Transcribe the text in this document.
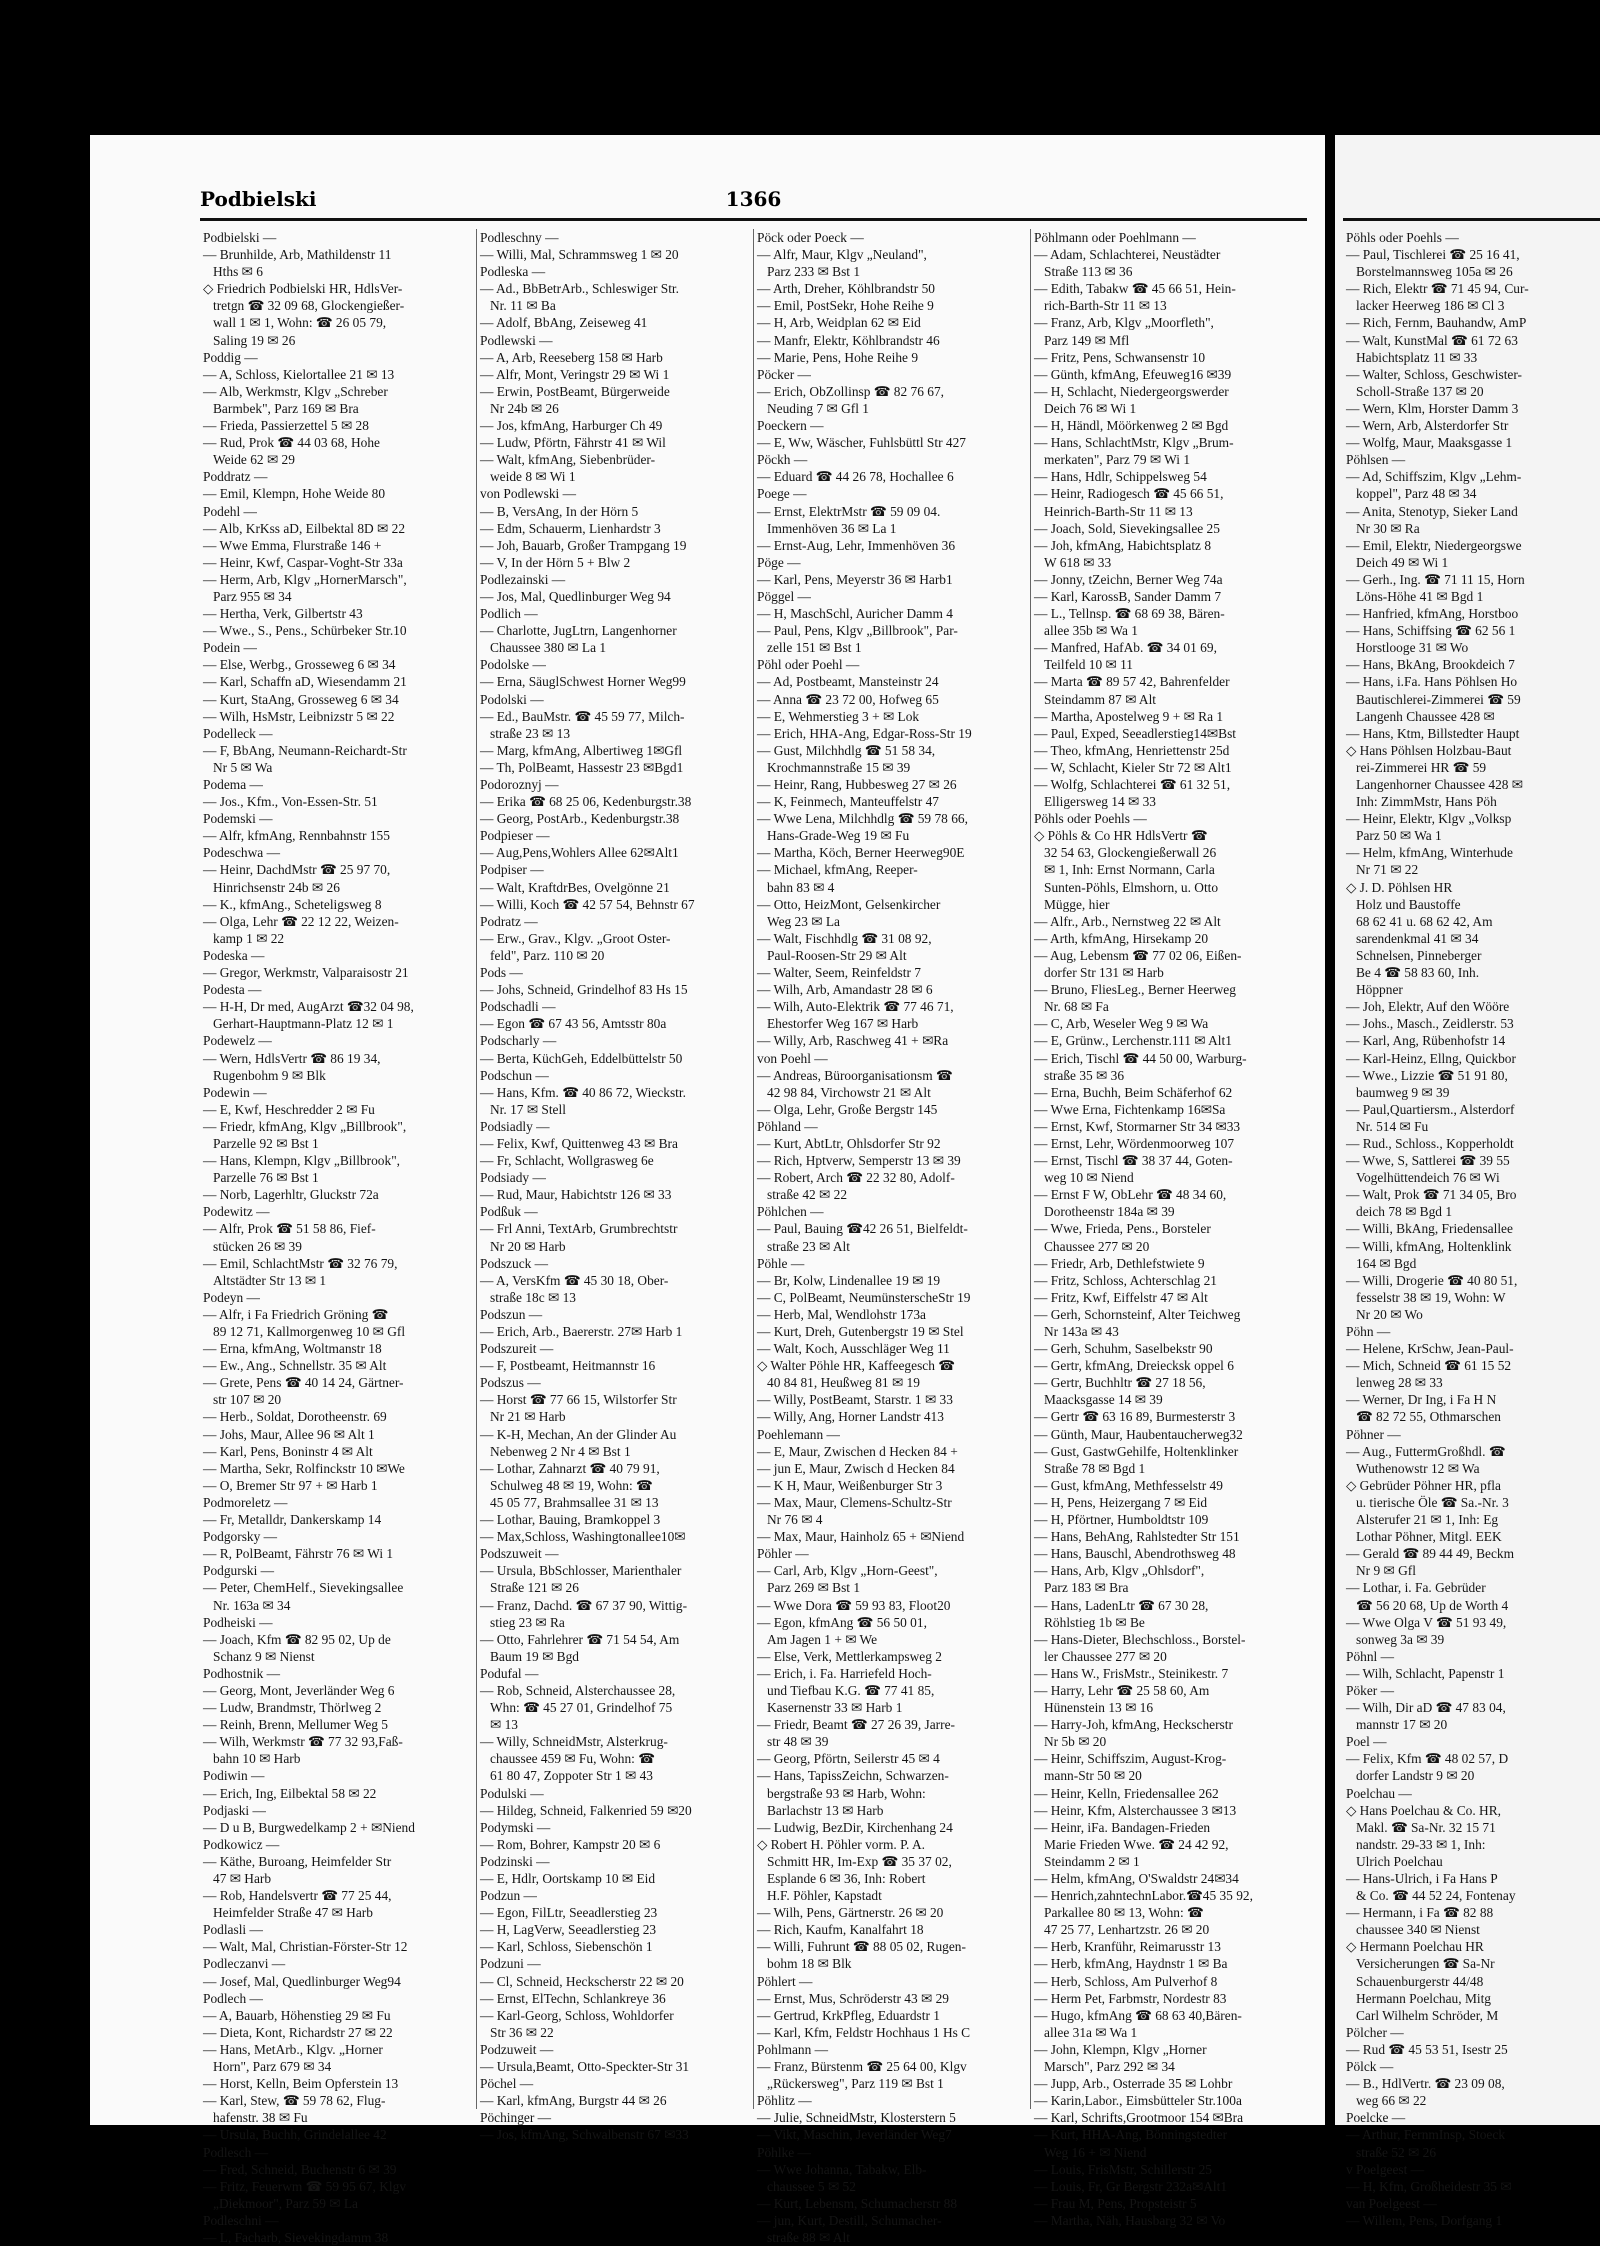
Podbielski	1366
Podbielski —
— Brunhilde, Arb, Mathildenstr 11
Hths ✉ 6
◇ Friedrich Podbielski HR, HdlsVer-
tretgn ☎ 32 09 68, Glockengießer-
wall 1 ✉ 1, Wohn: ☎ 26 05 79,
Saling 19 ✉ 26
Poddig —
— A, Schloss, Kielortallee 21 ✉ 13
— Alb, Werkmstr, Klgv „Schreber
Barmbek", Parz 169 ✉ Bra
— Frieda, Passierzettel 5 ✉ 28
— Rud, Prok ☎ 44 03 68, Hohe
Weide 62 ✉ 29
Poddratz —
— Emil, Klempn, Hohe Weide 80
Podehl —
— Alb, KrKss aD, Eilbektal 8D ✉ 22
— Wwe Emma, Flurstraße 146 +
— Heinr, Kwf, Caspar-Voght-Str 33a
— Herm, Arb, Klgv „HornerMarsch",
Parz 955 ✉ 34
— Hertha, Verk, Gilbertstr 43
— Wwe., S., Pens., Schürbeker Str.10
Podein —
— Else, Werbg., Grosseweg 6 ✉ 34
— Karl, Schaffn aD, Wiesendamm 21
— Kurt, StaAng, Grosseweg 6 ✉ 34
— Wilh, HsMstr, Leibnizstr 5 ✉ 22
Podelleck —
— F, BbAng, Neumann-Reichardt-Str
Nr 5 ✉ Wa
Podema —
— Jos., Kfm., Von-Essen-Str. 51
Podemski —
— Alfr, kfmAng, Rennbahnstr 155
Podeschwa —
— Heinr, DachdMstr ☎ 25 97 70,
Hinrichsenstr 24b ✉ 26
— K., kfmAng., Scheteligsweg 8
— Olga, Lehr ☎ 22 12 22, Weizen-
kamp 1 ✉ 22
Podeska —
— Gregor, Werkmstr, Valparaisostr 21
Podesta —
— H-H, Dr med, AugArzt ☎32 04 98,
Gerhart-Hauptmann-Platz 12 ✉ 1
Podewelz —
— Wern, HdlsVertr ☎ 86 19 34,
Rugenbohm 9 ✉ Blk
Podewin —
— E, Kwf, Heschredder 2 ✉ Fu
— Friedr, kfmAng, Klgv „Billbrook",
Parzelle 92 ✉ Bst 1
— Hans, Klempn, Klgv „Billbrook",
Parzelle 76 ✉ Bst 1
— Norb, Lagerhltr, Gluckstr 72a
Podewitz —
— Alfr, Prok ☎ 51 58 86, Fief-
stücken 26 ✉ 39
— Emil, SchlachtMstr ☎ 32 76 79,
Altstädter Str 13 ✉ 1
Podeyn —
— Alfr, i Fa Friedrich Gröning ☎
89 12 71, Kallmorgenweg 10 ✉ Gfl
— Erna, kfmAng, Woltmanstr 18
— Ew., Ang., Schnellstr. 35 ✉ Alt
— Grete, Pens ☎ 40 14 24, Gärtner-
str 107 ✉ 20
— Herb., Soldat, Dorotheenstr. 69
— Johs, Maur, Allee 96 ✉ Alt 1
— Karl, Pens, Boninstr 4 ✉ Alt
— Martha, Sekr, Rolfinckstr 10 ✉We
— O, Bremer Str 97 + ✉ Harb 1
Podmoreletz —
— Fr, Metalldr, Dankerskamp 14
Podgorsky —
— R, PolBeamt, Fährstr 76 ✉ Wi 1
Podgurski —
— Peter, ChemHelf., Sievekingsallee
Nr. 163a ✉ 34
Podheiski —
— Joach, Kfm ☎ 82 95 02, Up de
Schanz 9 ✉ Nienst
Podhostnik —
— Georg, Mont, Jeverländer Weg 6
— Ludw, Brandmstr, Thörlweg 2
— Reinh, Brenn, Mellumer Weg 5
— Wilh, Werkmstr ☎ 77 32 93,Faß-
bahn 10 ✉ Harb
Podiwin —
— Erich, Ing, Eilbektal 58 ✉ 22
Podjaski —
— D u B, Burgwedelkamp 2 + ✉Niend
Podkowicz —
— Käthe, Buroang, Heimfelder Str
47 ✉ Harb
— Rob, Handelsvertr ☎ 77 25 44,
Heimfelder Straße 47 ✉ Harb
Podlasli —
— Walt, Mal, Christian-Förster-Str 12
Podleczanvi —
— Josef, Mal, Quedlinburger Weg94
Podlech —
— A, Bauarb, Höhenstieg 29 ✉ Fu
— Dieta, Kont, Richardstr 27 ✉ 22
— Hans, MetArb., Klgv. „Horner
Horn", Parz 679 ✉ 34
— Horst, Kelln, Beim Opferstein 13
— Karl, Stew, ☎ 59 78 62, Flug-
hafenstr. 38 ✉ Fu
— Ursula, Buchh, Grindelallee 42
Podlesch —
— Fred, Schneid, Buchenstr 6 ✉ 39
— Fritz, Feuerwm ☎ 59 95 67, Klgv
„Diekmoor", Parz 59 ✉ La
Podleschni —
— L, Facharb, Sievekingdamm 38
Podleschny —
— Willi, Mal, Schrammsweg 1 ✉ 20
Podleska —
— Ad., BbBetrArb., Schleswiger Str.
Nr. 11 ✉ Ba
— Adolf, BbAng, Zeiseweg 41
Podlewski —
— A, Arb, Reeseberg 158 ✉ Harb
— Alfr, Mont, Veringstr 29 ✉ Wi 1
— Erwin, PostBeamt, Bürgerweide
Nr 24b ✉ 26
— Jos, kfmAng, Harburger Ch 49
— Ludw, Pförtn, Fährstr 41 ✉ Wil
— Walt, kfmAng, Siebenbrüder-
weide 8 ✉ Wi 1
von Podlewski —
— B, VersAng, In der Hörn 5
— Edm, Schauerm, Lienhardstr 3
— Joh, Bauarb, Großer Trampgang 19
— V, In der Hörn 5 + Blw 2
Podlezainski —
— Jos, Mal, Quedlinburger Weg 94
Podlich —
— Charlotte, JugLtrn, Langenhorner
Chaussee 380 ✉ La 1
Podolske —
— Erna, SäuglSchwest Horner Weg99
Podolski —
— Ed., BauMstr. ☎ 45 59 77, Milch-
straße 23 ✉ 13
— Marg, kfmAng, Albertiweg 1✉Gfl
— Th, PolBeamt, Hassestr 23 ✉Bgd1
Podoroznyj —
— Erika ☎ 68 25 06, Kedenburgstr.38
— Georg, PostArb., Kedenburgstr.38
Podpieser —
— Aug,Pens,Wohlers Allee 62✉Alt1
Podpiser —
— Walt, KraftdrBes, Ovelgönne 21
— Willi, Koch ☎ 42 57 54, Behnstr 67
Podratz —
— Erw., Grav., Klgv. „Groot Oster-
feld", Parz. 110 ✉ 20
Pods —
— Johs, Schneid, Grindelhof 83 Hs 15
Podschadli —
— Egon ☎ 67 43 56, Amtsstr 80a
Podscharly —
— Berta, KüchGeh, Eddelbüttelstr 50
Podschun —
— Hans, Kfm. ☎ 40 86 72, Wieckstr.
Nr. 17 ✉ Stell
Podsiadly —
— Felix, Kwf, Quittenweg 43 ✉ Bra
— Fr, Schlacht, Wollgrasweg 6e
Podsiady —
— Rud, Maur, Habichtstr 126 ✉ 33
Podßuk —
— Frl Anni, TextArb, Grumbrechtstr
Nr 20 ✉ Harb
Podszuck —
— A, VersKfm ☎ 45 30 18, Ober-
straße 18c ✉ 13
Podszun —
— Erich, Arb., Baererstr. 27✉ Harb 1
Podszureit —
— F, Postbeamt, Heitmannstr 16
Podszus —
— Horst ☎ 77 66 15, Wilstorfer Str
Nr 21 ✉ Harb
— K-H, Mechan, An der Glinder Au
Nebenweg 2 Nr 4 ✉ Bst 1
— Lothar, Zahnarzt ☎ 40 79 91,
Schulweg 48 ✉ 19, Wohn: ☎
45 05 77, Brahmsallee 31 ✉ 13
— Lothar, Bauing, Bramkoppel 3
— Max,Schloss, Washingtonallee10✉
Podszuweit —
— Ursula, BbSchlosser, Marienthaler
Straße 121 ✉ 26
— Franz, Dachd. ☎ 67 37 90, Wittig-
stieg 23 ✉ Ra
— Otto, Fahrlehrer ☎ 71 54 54, Am
Baum 19 ✉ Bgd
Podufal —
— Rob, Schneid, Alsterchaussee 28,
Whn: ☎ 45 27 01, Grindelhof 75
✉ 13
— Willy, SchneidMstr, Alsterkrug-
chaussee 459 ✉ Fu, Wohn: ☎
61 80 47, Zoppoter Str 1 ✉ 43
Podulski —
— Hildeg, Schneid, Falkenried 59 ✉20
Podymski —
— Rom, Bohrer, Kampstr 20 ✉ 6
Podzinski —
— E, Hdlr, Oortskamp 10 ✉ Eid
Podzun —
— Egon, FilLtr, Seeadlerstieg 23
— H, LagVerw, Seeadlerstieg 23
— Karl, Schloss, Siebenschön 1
Podzuni —
— Cl, Schneid, Heckscherstr 22 ✉ 20
— Ernst, ElTechn, Schlankreye 36
— Karl-Georg, Schloss, Wohldorfer
Str 36 ✉ 22
Podzuweit —
— Ursula,Beamt, Otto-Speckter-Str 31
Pöchel —
— Karl, kfmAng, Burgstr 44 ✉ 26
Pöchinger —
— Jos, kfmAng, Schwalbenstr 67 ✉33
Pöck oder Poeck —
— Alfr, Maur, Klgv „Neuland",
Parz 233 ✉ Bst 1
— Arth, Dreher, Köhlbrandstr 50
— Emil, PostSekr, Hohe Reihe 9
— H, Arb, Weidplan 62 ✉ Eid
— Manfr, Elektr, Köhlbrandstr 46
— Marie, Pens, Hohe Reihe 9
Pöcker —
— Erich, ObZollinsp ☎ 82 76 67,
Neuding 7 ✉ Gfl 1
Poeckern —
— E, Ww, Wäscher, Fuhlsbüttl Str 427
Pöckh —
— Eduard ☎ 44 26 78, Hochallee 6
Poege —
— Ernst, ElektrMstr ☎ 59 09 04.
Immenhöven 36 ✉ La 1
— Ernst-Aug, Lehr, Immenhöven 36
Pöge —
— Karl, Pens, Meyerstr 36 ✉ Harb1
Pöggel —
— H, MaschSchl, Auricher Damm 4
— Paul, Pens, Klgv „Billbrook", Par-
zelle 151 ✉ Bst 1
Pöhl oder Poehl —
— Ad, Postbeamt, Mansteinstr 24
— Anna ☎ 23 72 00, Hofweg 65
— E, Wehmerstieg 3 + ✉ Lok
— Erich, HHA-Ang, Edgar-Ross-Str 19
— Gust, Milchhdlg ☎ 51 58 34,
Krochmannstraße 15 ✉ 39
— Heinr, Rang, Hubbesweg 27 ✉ 26
— K, Feinmech, Manteuffelstr 47
— Wwe Lena, Milchhdlg ☎ 59 78 66,
Hans-Grade-Weg 19 ✉ Fu
— Martha, Köch, Berner Heerweg90E
— Michael, kfmAng, Reeper-
bahn 83 ✉ 4
— Otto, HeizMont, Gelsenkircher
Weg 23 ✉ La
— Walt, Fischhdlg ☎ 31 08 92,
Paul-Roosen-Str 29 ✉ Alt
— Walter, Seem, Reinfeldstr 7
— Wilh, Arb, Amandastr 28 ✉ 6
— Wilh, Auto-Elektrik ☎ 77 46 71,
Ehestorfer Weg 167 ✉ Harb
— Willy, Arb, Raschweg 41 + ✉Ra
von Poehl —
— Andreas, Büroorganisationsm ☎
42 98 84, Virchowstr 21 ✉ Alt
— Olga, Lehr, Große Bergstr 145
Pöhland —
— Kurt, AbtLtr, Ohlsdorfer Str 92
— Rich, Hptverw, Semperstr 13 ✉ 39
— Robert, Arch ☎ 22 32 80, Adolf-
straße 42 ✉ 22
Pöhlchen —
— Paul, Bauing ☎42 26 51, Bielfeldt-
straße 23 ✉ Alt
Pöhle —
— Br, Kolw, Lindenallee 19 ✉ 19
— C, PolBeamt, NeumünsterscheStr 19
— Herb, Mal, Wendlohstr 173a
— Kurt, Dreh, Gutenbergstr 19 ✉ Stel
— Walt, Koch, Ausschläger Weg 11
◇ Walter Pöhle HR, Kaffeegesch ☎
40 84 81, Heußweg 81 ✉ 19
— Willy, PostBeamt, Starstr. 1 ✉ 33
— Willy, Ang, Horner Landstr 413
Poehlemann —
— E, Maur, Zwischen d Hecken 84 +
— jun E, Maur, Zwisch d Hecken 84
— K H, Maur, Weißenburger Str 3
— Max, Maur, Clemens-Schultz-Str
Nr 76 ✉ 4
— Max, Maur, Hainholz 65 + ✉Niend
Pöhler —
— Carl, Arb, Klgv „Horn-Geest",
Parz 269 ✉ Bst 1
— Wwe Dora ☎ 59 93 83, Floot20
— Egon, kfmAng ☎ 56 50 01,
Am Jagen 1 + ✉ We
— Else, Verk, Mettlerkampsweg 2
— Erich, i. Fa. Harriefeld Hoch-
und Tiefbau K.G. ☎ 77 41 85,
Kasernenstr 33 ✉ Harb 1
— Friedr, Beamt ☎ 27 26 39, Jarre-
str 48 ✉ 39
— Georg, Pförtn, Seilerstr 45 ✉ 4
— Hans, TapissZeichn, Schwarzen-
bergstraße 93 ✉ Harb, Wohn:
Barlachstr 13 ✉ Harb
— Ludwig, BezDir, Kirchenhang 24
◇ Robert H. Pöhler vorm. P. A.
Schmitt HR, Im-Exp ☎ 35 37 02,
Esplande 6 ✉ 36, Inh: Robert
H.F. Pöhler, Kapstadt
— Wilh, Pens, Gärtnerstr. 26 ✉ 20
— Rich, Kaufm, Kanalfahrt 18
— Willi, Fuhrunt ☎ 88 05 02, Rugen-
bohm 18 ✉ Blk
Pöhlert —
— Ernst, Mus, Schröderstr 43 ✉ 29
— Gertrud, KrkPfleg, Eduardstr 1
— Karl, Kfm, Feldstr Hochhaus 1 Hs C
Pohlmann —
— Franz, Bürstenm ☎ 25 64 00, Klgv
„Rückersweg", Parz 119 ✉ Bst 1
Pöhlitz —
— Julie, SchneidMstr, Klosterstern 5
— Vikt, Maschin, Jeverländer Weg7
Pöhlke —
— Wwe Johanna, Tabakw, Elb-
chaussee 5 ✉ 52
— Kurt, Lebensm, Schumacherstr 88
— jun, Kurt, Destill, Schumacher-
straße 88 ✉ Alt
Pöhlmann oder Poehlmann —
— Adam, Schlachterei, Neustädter
Straße 113 ✉ 36
— Edith, Tabakw ☎ 45 66 51, Hein-
rich-Barth-Str 11 ✉ 13
— Franz, Arb, Klgv „Moorfleth",
Parz 149 ✉ Mfl
— Fritz, Pens, Schwansenstr 10
— Günth, kfmAng, Efeuweg16 ✉39
— H, Schlacht, Niedergeorgswerder
Deich 76 ✉ Wi 1
— H, Händl, Möörkenweg 2 ✉ Bgd
— Hans, SchlachtMstr, Klgv „Brum-
merkaten", Parz 79 ✉ Wi 1
— Hans, Hdlr, Schippelsweg 54
— Heinr, Radiogesch ☎ 45 66 51,
Heinrich-Barth-Str 11 ✉ 13
— Joach, Sold, Sievekingsallee 25
— Joh, kfmAng, Habichtsplatz 8
W 618 ✉ 33
— Jonny, tZeichn, Berner Weg 74a
— Karl, KarossB, Sander Damm 7
— L., Tellnsp. ☎ 68 69 38, Bären-
allee 35b ✉ Wa 1
— Manfred, HafAb. ☎ 34 01 69,
Teilfeld 10 ✉ 11
— Marta ☎ 89 57 42, Bahrenfelder
Steindamm 87 ✉ Alt
— Martha, Apostelweg 9 + ✉ Ra 1
— Paul, Exped, Seeadlerstieg14✉Bst
— Theo, kfmAng, Henriettenstr 25d
— W, Schlacht, Kieler Str 72 ✉ Alt1
— Wolfg, Schlachterei ☎ 61 32 51,
Elligersweg 14 ✉ 33
Pöhls oder Poehls —
◇ Pöhls & Co HR HdlsVertr ☎
32 54 63, Glockengießerwall 26
✉ 1, Inh: Ernst Normann, Carla
Sunten-Pöhls, Elmshorn, u. Otto
Mügge, hier
— Alfr., Arb., Nernstweg 22 ✉ Alt
— Arth, kfmAng, Hirsekamp 20
— Aug, Lebensm ☎ 77 02 06, Eißen-
dorfer Str 131 ✉ Harb
— Bruno, FliesLeg., Berner Heerweg
Nr. 68 ✉ Fa
— C, Arb, Weseler Weg 9 ✉ Wa
— E, Grünw., Lerchenstr.111 ✉ Alt1
— Erich, Tischl ☎ 44 50 00, Warburg-
straße 35 ✉ 36
— Erna, Buchh, Beim Schäferhof 62
— Wwe Erna, Fichtenkamp 16✉Sa
— Ernst, Kwf, Stormarner Str 34 ✉33
— Ernst, Lehr, Wördenmoorweg 107
— Ernst, Tischl ☎ 38 37 44, Goten-
weg 10 ✉ Niend
— Ernst F W, ObLehr ☎ 48 34 60,
Dorotheenstr 184a ✉ 39
— Wwe, Frieda, Pens., Borsteler
Chaussee 277 ✉ 20
— Friedr, Arb, Dethlefstwiete 9
— Fritz, Schloss, Achterschlag 21
— Fritz, Kwf, Eiffelstr 47 ✉ Alt
— Gerh, Schornsteinf, Alter Teichweg
Nr 143a ✉ 43
— Gerh, Schuhm, Saselbekstr 90
— Gertr, kfmAng, Dreiecksk oppel 6
— Gertr, Buchhltr ☎ 27 18 56,
Maacksgasse 14 ✉ 39
— Gertr ☎ 63 16 89, Burmesterstr 3
— Günth, Maur, Haubentaucherweg32
— Gust, GastwGehilfe, Holtenklinker
Straße 78 ✉ Bgd 1
— Gust, kfmAng, Methfesselstr 49
— H, Pens, Heizergang 7 ✉ Eid
— H, Pförtner, Humboldtstr 109
— Hans, BehAng, Rahlstedter Str 151
— Hans, Bauschl, Abendrothsweg 48
— Hans, Arb, Klgv „Ohlsdorf",
Parz 183 ✉ Bra
— Hans, LadenLtr ☎ 67 30 28,
Röhlstieg 1b ✉ Be
— Hans-Dieter, Blechschloss., Borstel-
ler Chaussee 277 ✉ 20
— Hans W., FrisMstr., Steinikestr. 7
— Harry, Lehr ☎ 25 58 60, Am
Hünenstein 13 ✉ 16
— Harry-Joh, kfmAng, Heckscherstr
Nr 5b ✉ 20
— Heinr, Schiffszim, August-Krog-
mann-Str 50 ✉ 20
— Heinr, Kelln, Friedensallee 262
— Heinr, Kfm, Alsterchaussee 3 ✉13
— Heinr, iFa. Bandagen-Frieden
Marie Frieden Wwe. ☎ 24 42 92,
Steindamm 2 ✉ 1
— Helm, kfmAng, O'Swaldstr 24✉34
— Henrich,zahntechnLabor.☎45 35 92,
Parkallee 80 ✉ 13, Wohn: ☎
47 25 77, Lenhartzstr. 26 ✉ 20
— Herb, Kranführ, Reimarusstr 13
— Herb, kfmAng, Haydnstr 1 ✉ Ba
— Herb, Schloss, Am Pulverhof 8
— Herm Pet, Farbmstr, Nordestr 83
— Hugo, kfmAng ☎ 68 63 40,Bären-
allee 31a ✉ Wa 1
— John, Klempn, Klgv „Horner
Marsch", Parz 292 ✉ 34
— Jupp, Arb., Osterrade 35 ✉ Lohbr
— Karin,Labor., Eimsbütteler Str.100a
— Karl, Schrifts,Grootmoor 154 ✉Bra
— Kurt, HHA-Ang, Bönningstedter
Weg 16 + ✉ Niend
— Louis, FrisMstr, Schillerstr 25
— Louis, Fr, Gr Bergstr 232a✉Alt1
— Frau M, Pens, Propsteistr 5
— Martha, Näh, Hausbarg 32 ✉ Vo
Pöhls oder Poehls —
— Paul, Tischlerei ☎ 25 16 41,
Borstelmannsweg 105a ✉ 26
— Rich, Elektr ☎ 71 45 94, Cur-
lacker Heerweg 186 ✉ Cl 3
— Rich, Fernm, Bauhandw, AmP
— Walt, KunstMal ☎ 61 72 63
Habichtsplatz 11 ✉ 33
— Walter, Schloss, Geschwister-
Scholl-Straße 137 ✉ 20
— Wern, Klm, Horster Damm 3
— Wern, Arb, Alsterdorfer Str
— Wolfg, Maur, Maaksgasse 1
Pöhlsen —
— Ad, Schiffszim, Klgv „Lehm-
koppel", Parz 48 ✉ 34
— Anita, Stenotyp, Sieker Land
Nr 30 ✉ Ra
— Emil, Elektr, Niedergeorgswe
Deich 49 ✉ Wi 1
— Gerh., Ing. ☎ 71 11 15, Horn
Löns-Höhe 41 ✉ Bgd 1
— Hanfried, kfmAng, Horstboo
— Hans, Schiffsing ☎ 62 56 1
Horstlooge 31 ✉ Wo
— Hans, BkAng, Brookdeich 7
— Hans, i.Fa. Hans Pöhlsen Ho
Bautischlerei-Zimmerei ☎ 59
Langenh Chaussee 428 ✉
— Hans, Ktm, Billstedter Haupt
◇ Hans Pöhlsen Holzbau-Baut
rei-Zimmerei HR ☎ 59
Langenhorner Chaussee 428 ✉
Inh: ZimmMstr, Hans Pöh
— Heinr, Elektr, Klgv „Volksp
Parz 50 ✉ Wa 1
— Helm, kfmAng, Winterhude
Nr 71 ✉ 22
◇ J. D. Pöhlsen HR
Holz und Baustoffe
68 62 41 u. 68 62 42, Am
sarendenkmal 41 ✉ 34
Schnelsen, Pinneberger
Be 4 ☎ 58 83 60, Inh.
Höppner
— Joh, Elektr, Auf den Wööre
— Johs., Masch., Zeidlerstr. 53
— Karl, Ang, Rübenhofstr 14
— Karl-Heinz, Ellng, Quickbor
— Wwe., Lizzie ☎ 51 91 80,
baumweg 9 ✉ 39
— Paul,Quartiersm., Alsterdorf
Nr. 514 ✉ Fu
— Rud., Schloss., Kopperholdt
— Wwe, S, Sattlerei ☎ 39 55
Vogelhüttendeich 76 ✉ Wi
— Walt, Prok ☎ 71 34 05, Bro
deich 78 ✉ Bgd 1
— Willi, BkAng, Friedensallee
— Willi, kfmAng, Holtenklink
164 ✉ Bgd
— Willi, Drogerie ☎ 40 80 51,
fesselstr 38 ✉ 19, Wohn: W
Nr 20 ✉ Wo
Pöhn —
— Helene, KrSchw, Jean-Paul-
— Mich, Schneid ☎ 61 15 52
lenweg 28 ✉ 33
— Werner, Dr Ing, i Fa H N
☎ 82 72 55, Othmarschen
Pöhner —
— Aug., FuttermGroßhdl. ☎
Wuthenowstr 12 ✉ Wa
◇ Gebrüder Pöhner HR, pfla
u. tierische Öle ☎ Sa.-Nr. 3
Alsterufer 21 ✉ 1, Inh: Eg
Lothar Pöhner, Mitgl. EEK
— Gerald ☎ 89 44 49, Beckm
Nr 9 ✉ Gfl
— Lothar, i. Fa. Gebrüder
☎ 56 20 68, Up de Worth 4
— Wwe Olga V ☎ 51 93 49,
sonweg 3a ✉ 39
Pöhnl —
— Wilh, Schlacht, Papenstr 1
Pöker —
— Wilh, Dir aD ☎ 47 83 04,
mannstr 17 ✉ 20
Poel —
— Felix, Kfm ☎ 48 02 57, D
dorfer Landstr 9 ✉ 20
Poelchau —
◇ Hans Poelchau & Co. HR,
Makl. ☎ Sa-Nr. 32 15 71
nandstr. 29-33 ✉ 1, Inh:
Ulrich Poelchau
— Hans-Ulrich, i Fa Hans P
& Co. ☎ 44 52 24, Fontenay
— Hermann, i Fa ☎ 82 88
chaussee 340 ✉ Nienst
◇ Hermann Poelchau HR
Versicherungen ☎ Sa-Nr
Schauenburgerstr 44/48
Hermann Poelchau, Mitg
Carl Wilhelm Schröder, M
Pölcher —
— Rud ☎ 45 53 51, Isestr 25
Pölck —
— B., HdlVertr. ☎ 23 09 08,
weg 66 ✉ 22
Poelcke —
— Arthur, FernmInsp, Stoeck
straße 52 ✉ 26
v Poelgeest —
— H, Kfm, Großheidestr 35 ✉
van Poelgeest —
— Willem, Pens, Dorfgang 1
